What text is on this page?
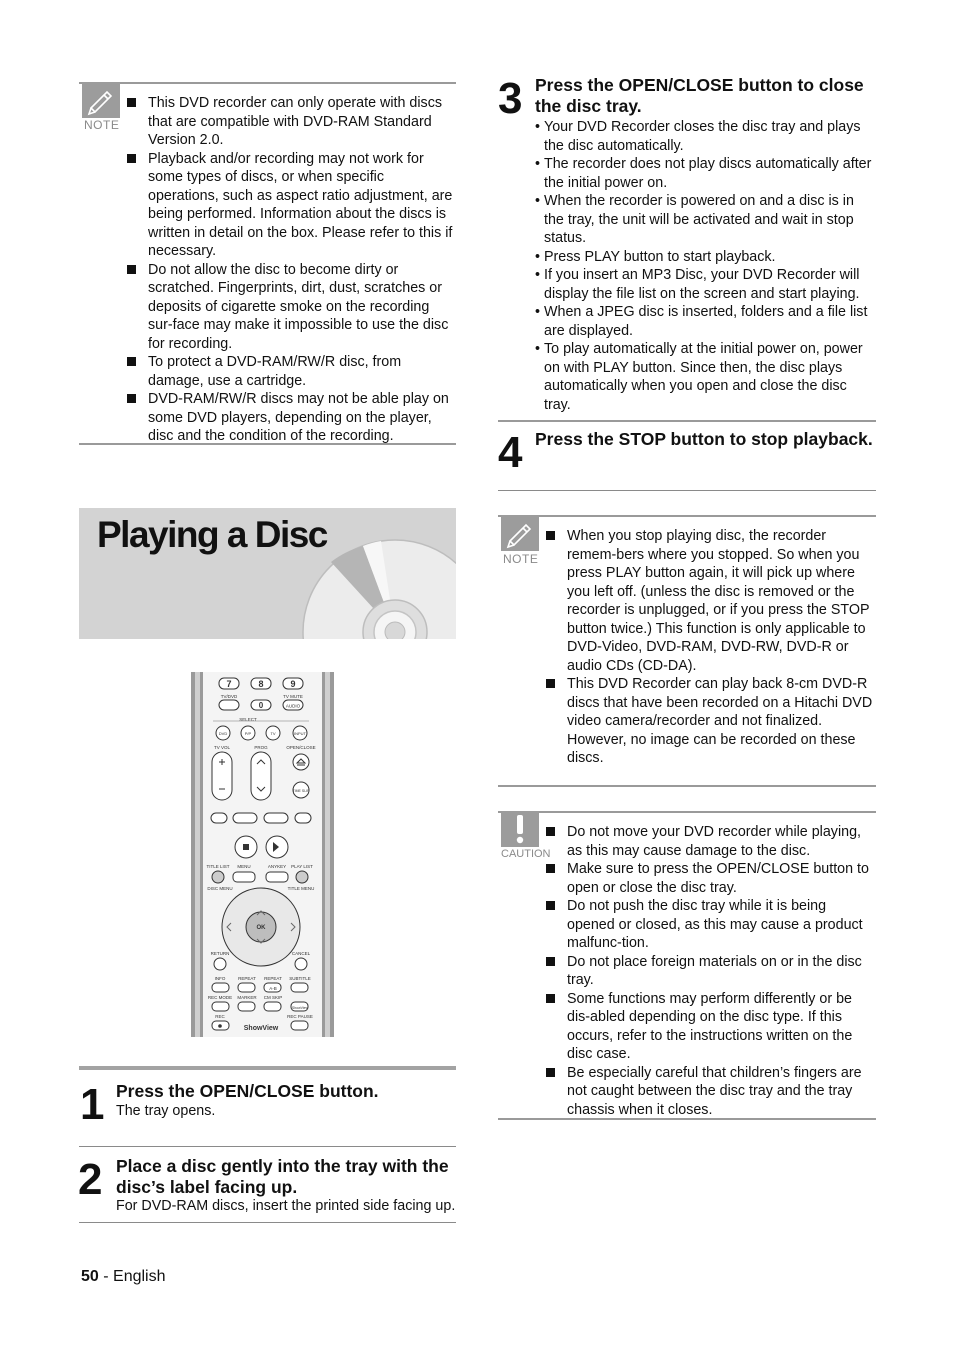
NOTE
This DVD recorder can only operate with discs that are compatible with DVD-RAM Standard Version 2.0.
Playback and/or recording may not work for some types of discs, or when specific operations, such as aspect ratio adjustment, are being performed. Information about the discs is written in detail on the box. Please refer to this if necessary.
Do not allow the disc to become dirty or scratched. Fingerprints, dirt, dust, scratches or deposits of cigarette smoke on the recording sur-face may make it impossible to use the disc for recording.
To protect a DVD-RAM/RW/R disc, from damage, use a cartridge.
DVD-RAM/RW/R discs may not be able play on some DVD players, depending on the player, disc and the condition of the recording.
Playing a Disc
7	8	9
TV/DVD	TV MUTE
0	AUDIO
SELECT
DVD	P/P	TV	INPUT
TV VOL	PROG	OPEN/CLOSE
TIME SLIP
TITLE LIST MENU	ANYKEY PLAY LIST
DISC MENU	TITLE MENU
OK
RETURN	CANCEL
INFO	REPEAT REPEAT
A-B
SUBTITLE
REC MODE MARKER CM SKIP
ShowView
REC	REC PAUSE
ShowView
1 Press the OPEN/CLOSE button.
The tray opens.
2 Place a disc gently into the tray with the
disc’s label facing up.
For DVD-RAM discs, insert the printed side facing up.
50 - English
3 Press the OPEN/CLOSE button to close
the disc tray.
• Your DVD Recorder closes the disc tray and plays the disc automatically.
• The recorder does not play discs automatically after the initial power on.
• When the recorder is powered on and a disc is in the tray, the unit will be activated and wait in stop status.
• Press PLAY button to start playback.
• If you insert an MP3 Disc, your DVD Recorder will display the file list on the screen and start playing.
• When a JPEG disc is inserted, folders and a file list are displayed.
• To play automatically at the initial power on, power on with PLAY button. Since then, the disc plays automatically when you open and close the disc tray.
4 Press the STOP button to stop playback.
NOTE
When you stop playing disc, the recorder remem-bers where you stopped. So when you press PLAY button again, it will pick up where you left off. (unless the disc is removed or the recorder is unplugged, or if you press the STOP button twice.) This function is only applicable to DVD-Video, DVD-RAM, DVD-RW, DVD-R or audio CDs (CD-DA).
This DVD Recorder can play back 8-cm DVD-R discs that have been recorded on a Hitachi DVD video camera/recorder and not finalized. However, no image can be recorded on these discs.
CAUTION
Do not move your DVD recorder while playing, as this may cause damage to the disc.
Make sure to press the OPEN/CLOSE button to open or close the disc tray.
Do not push the disc tray while it is being opened or closed, as this may cause a product malfunc-tion.
Do not place foreign materials on or in the disc tray.
Some functions may perform differently or be dis-abled depending on the disc type. If this occurs, refer to the instructions written on the disc case.
Be especially careful that children’s fingers are not caught between the disc tray and the tray chassis when it closes.
